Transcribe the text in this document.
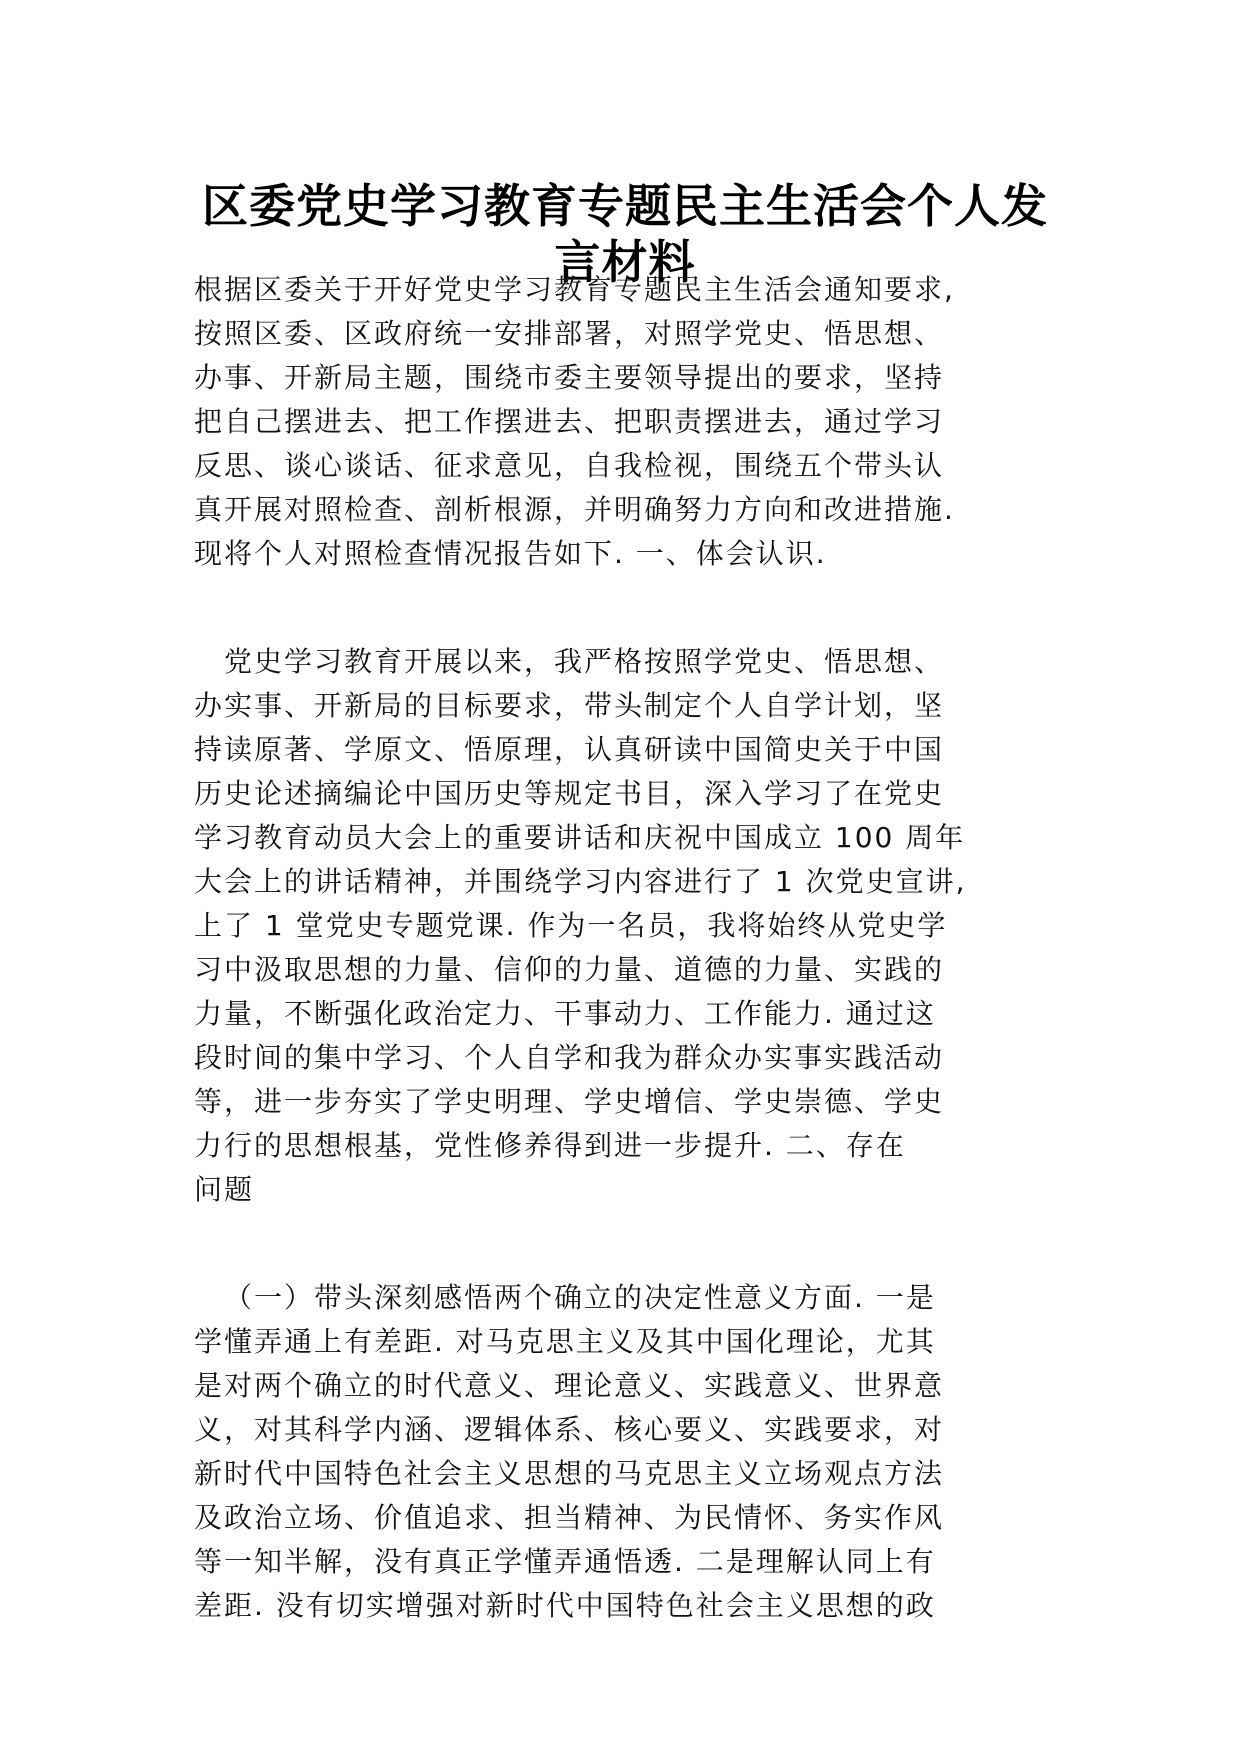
区委党史学习教育专题民主生活会个人发
言材料
根据区委关于开好党史学习教育专题民主生活会通知要求,
按照区委、区政府统一安排部署，对照学党史、悟思想、
办事、开新局主题，围绕市委主要领导提出的要求，坚持
把自己摆进去、把工作摆进去、把职责摆进去，通过学习
反思、谈心谈话、征求意见，自我检视，围绕五个带头认
真开展对照检查、剖析根源，并明确努力方向和改进措施.
现将个人对照检查情况报告如下. 一、体会认识.
党史学习教育开展以来，我严格按照学党史、悟思想、
办实事、开新局的目标要求，带头制定个人自学计划，坚
持读原著、学原文、悟原理，认真研读中国简史关于中国
历史论述摘编论中国历史等规定书目，深入学习了在党史
学习教育动员大会上的重要讲话和庆祝中国成立 100 周年
大会上的讲话精神，并围绕学习内容进行了 1 次党史宣讲,
上了 1 堂党史专题党课. 作为一名员，我将始终从党史学
习中汲取思想的力量、信仰的力量、道德的力量、实践的
力量，不断强化政治定力、干事动力、工作能力. 通过这
段时间的集中学习、个人自学和我为群众办实事实践活动
等，进一步夯实了学史明理、学史增信、学史崇德、学史
力行的思想根基，党性修养得到进一步提升. 二、存在
问题
（一）带头深刻感悟两个确立的决定性意义方面. 一是
学懂弄通上有差距. 对马克思主义及其中国化理论，尤其
是对两个确立的时代意义、理论意义、实践意义、世界意
义，对其科学内涵、逻辑体系、核心要义、实践要求，对
新时代中国特色社会主义思想的马克思主义立场观点方法
及政治立场、价值追求、担当精神、为民情怀、务实作风
等一知半解，没有真正学懂弄通悟透. 二是理解认同上有
差距. 没有切实增强对新时代中国特色社会主义思想的政
